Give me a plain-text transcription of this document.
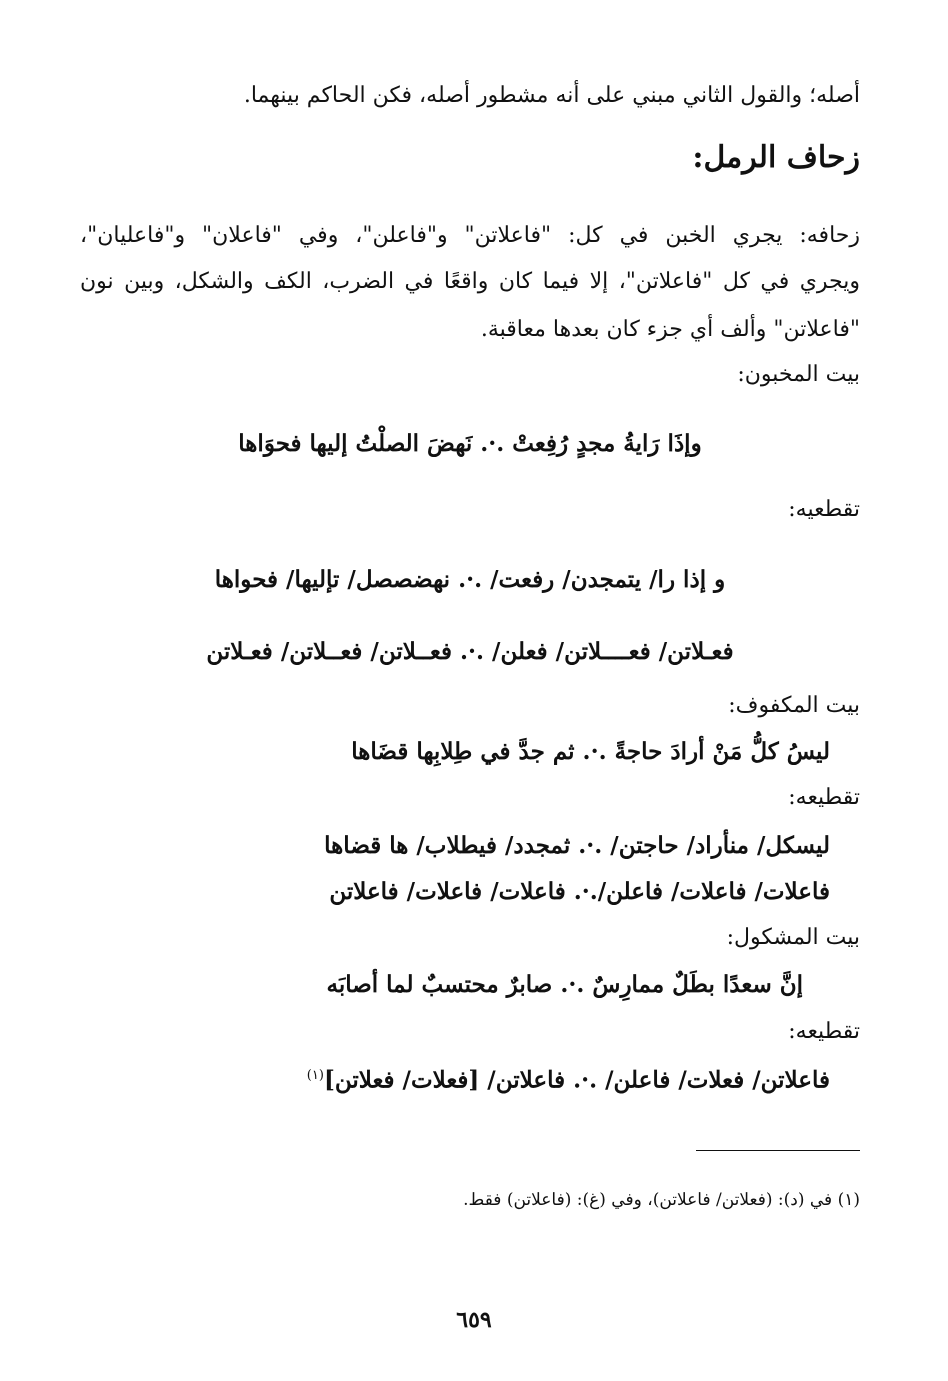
أصله؛ والقول الثاني مبني على أنه مشطور أصله، فكن الحاكم بينهما.

زحاف الرمل:

زحافه: يجري الخبن في كل: "فاعلاتن" و"فاعلن"، وفي "فاعلان" و"فاعليان"،

ويجري في كل "فاعلاتن"، إلا فيما كان واقعًا في الضرب، الكف والشكل، وبين نون

"فاعلاتن" وألف أي جزء كان بعدها معاقبة.

بيت المخبون:

وإذَا رَايةُ مجدٍ رُفِعتْ .·. نَهضَ الصلْتُ إليها فحوَاها

تقطعيه:

و إذا را/ يتمجدن/ رفعت/ .·. نهضصصل/ تإليها/ فحواها

فعـلاتن/ فعــــلاتن/ فعلن/ .·. فعــلاتن/ فعــلاتن/ فعـلاتن

بيت المكفوف:

ليسُ كلُّ مَنْ أرادَ حاجةً .·. ثم جدَّ في طِلابِها قضَاها

تقطيعه:

ليسكل/ منأراد/ حاجتن/ .·. ثمجدد/ فيطلاب/ ها قضاها

فاعلات/ فاعلات/ فاعلن/.·. فاعلات/ فاعلات/ فاعلاتن

بيت المشكول:

إنَّ سعدًا بطَلٌ ممارِسٌ .·. صابرٌ محتسبٌ لما أصابَه

تقطيعه:

فاعلاتن/ فعلات/ فاعلن/ .·. فاعلاتن/ [فعلات/ فعلاتن]$^{(١)}$

(١) في (د): (فعلاتن/ فاعلاتن)، وفي (غ): (فاعلاتن) فقط.

٦٥٩
